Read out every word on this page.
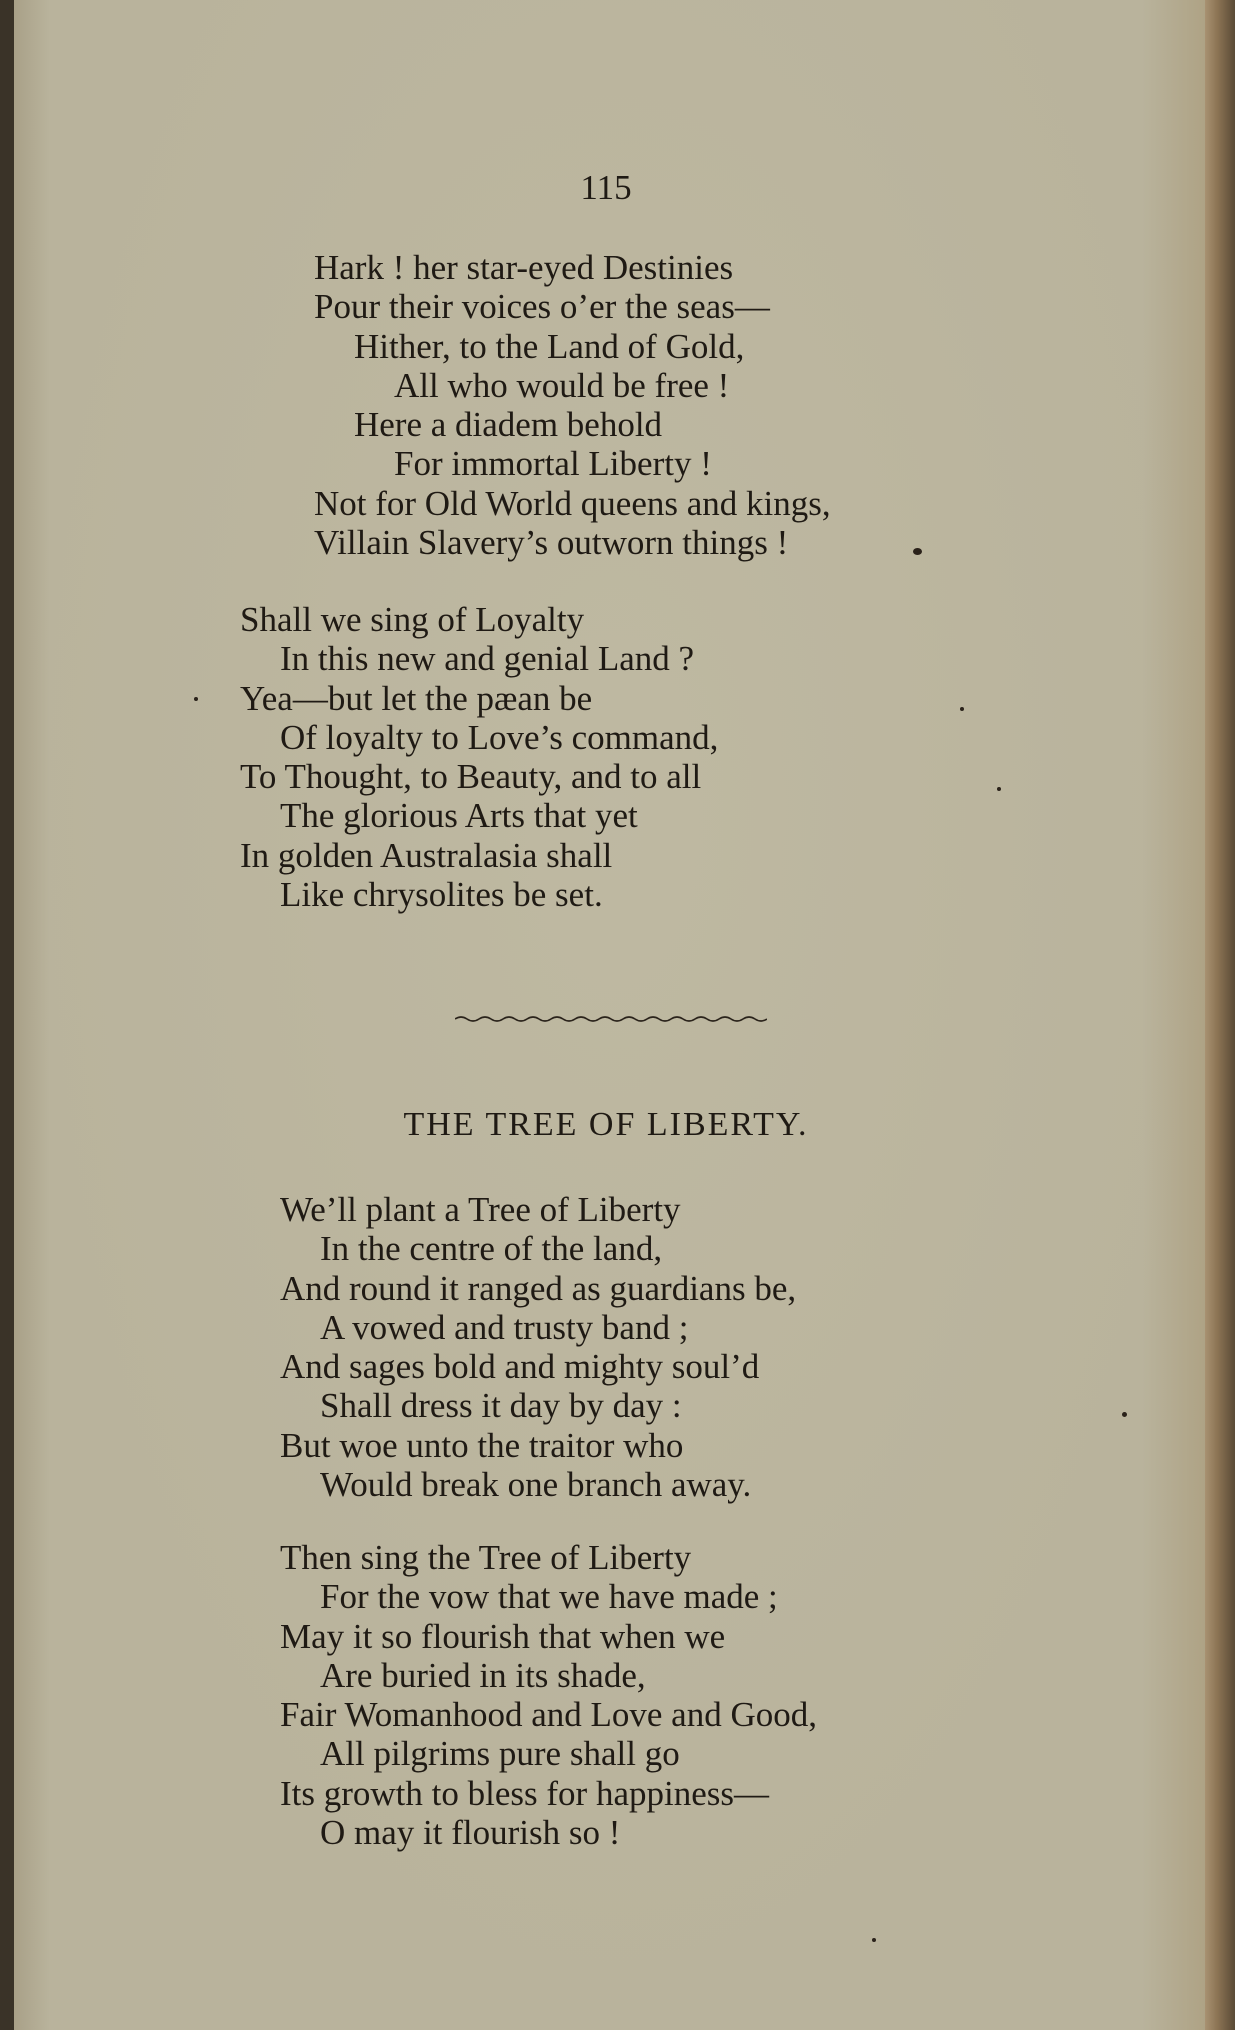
115
Hark ! her star-eyed Destinies
Pour their voices o’er the seas—
Hither, to the Land of Gold,
All who would be free !
Here a diadem behold
For immortal Liberty !
Not for Old World queens and kings,
Villain Slavery’s outworn things !
Shall we sing of Loyalty
In this new and genial Land ?
Yea—but let the pæan be
Of loyalty to Love’s command,
To Thought, to Beauty, and to all
The glorious Arts that yet
In golden Australasia shall
Like chrysolites be set.
THE TREE OF LIBERTY.
We’ll plant a Tree of Liberty
In the centre of the land,
And round it ranged as guardians be,
A vowed and trusty band ;
And sages bold and mighty soul’d
Shall dress it day by day :
But woe unto the traitor who
Would break one branch away.
Then sing the Tree of Liberty
For the vow that we have made ;
May it so flourish that when we
Are buried in its shade,
Fair Womanhood and Love and Good,
All pilgrims pure shall go
Its growth to bless for happiness—
O may it flourish so !
